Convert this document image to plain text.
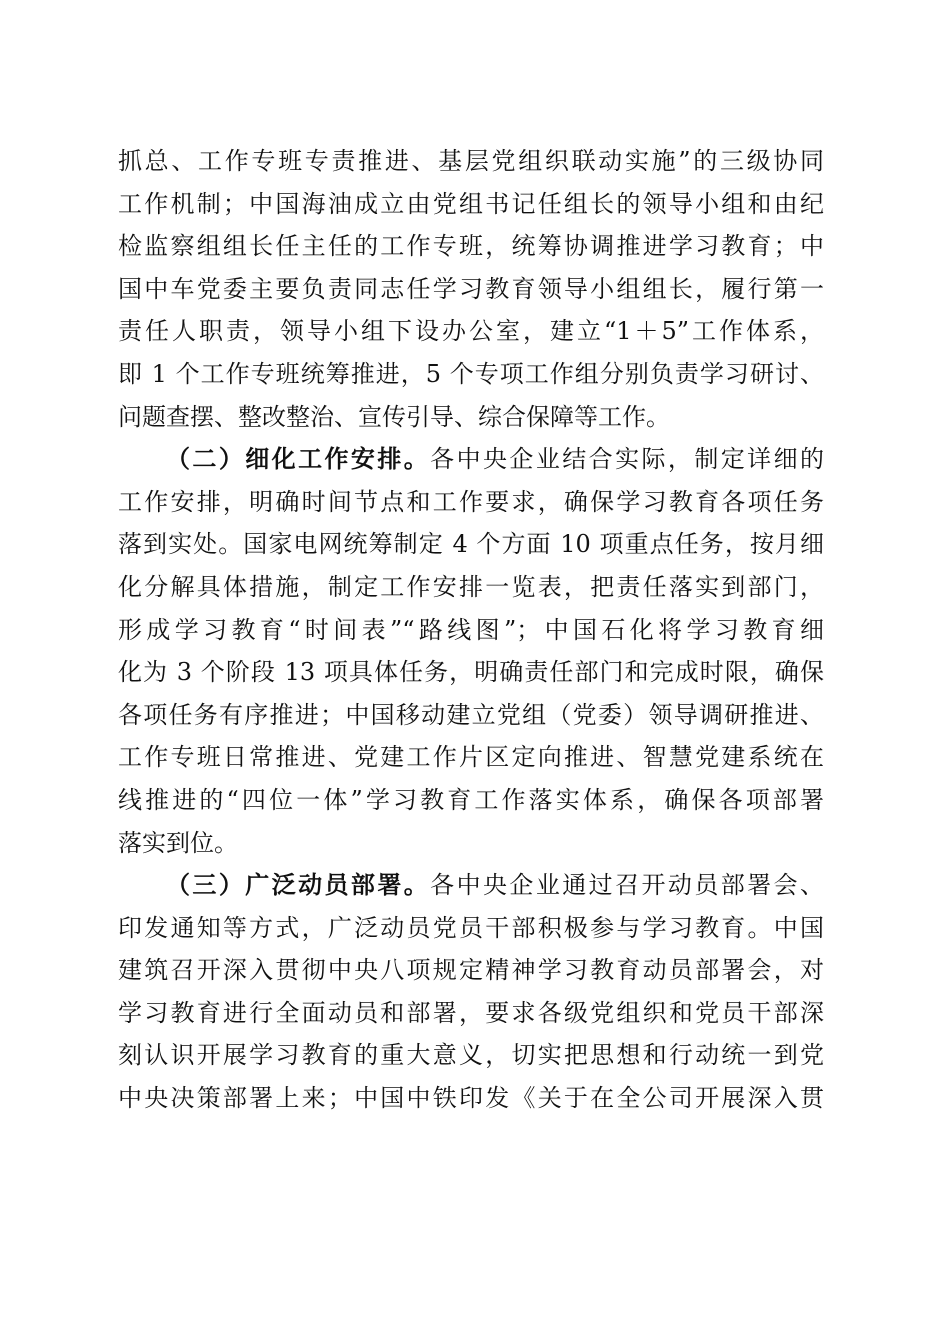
抓总、工作专班专责推进、基层党组织联动实施”的三级协同
工作机制；中国海油成立由党组书记任组长的领导小组和由纪
检监察组组长任主任的工作专班，统筹协调推进学习教育；中
国中车党委主要负责同志任学习教育领导小组组长，履行第一
责任人职责，领导小组下设办公室，建立“1＋5”工作体系，
即 1 个工作专班统筹推进，5 个专项工作组分别负责学习研讨、
问题查摆、整改整治、宣传引导、综合保障等工作。
（二）细化工作安排。各中央企业结合实际，制定详细的
工作安排，明确时间节点和工作要求，确保学习教育各项任务
落到实处。国家电网统筹制定 4 个方面 10 项重点任务，按月细
化分解具体措施，制定工作安排一览表，把责任落实到部门，
形成学习教育“时间表”“路线图”；中国石化将学习教育细
化为 3 个阶段 13 项具体任务，明确责任部门和完成时限，确保
各项任务有序推进；中国移动建立党组（党委）领导调研推进、
工作专班日常推进、党建工作片区定向推进、智慧党建系统在
线推进的“四位一体”学习教育工作落实体系，确保各项部署
落实到位。
（三）广泛动员部署。各中央企业通过召开动员部署会、
印发通知等方式，广泛动员党员干部积极参与学习教育。中国
建筑召开深入贯彻中央八项规定精神学习教育动员部署会，对
学习教育进行全面动员和部署，要求各级党组织和党员干部深
刻认识开展学习教育的重大意义，切实把思想和行动统一到党
中央决策部署上来；中国中铁印发《关于在全公司开展深入贯
